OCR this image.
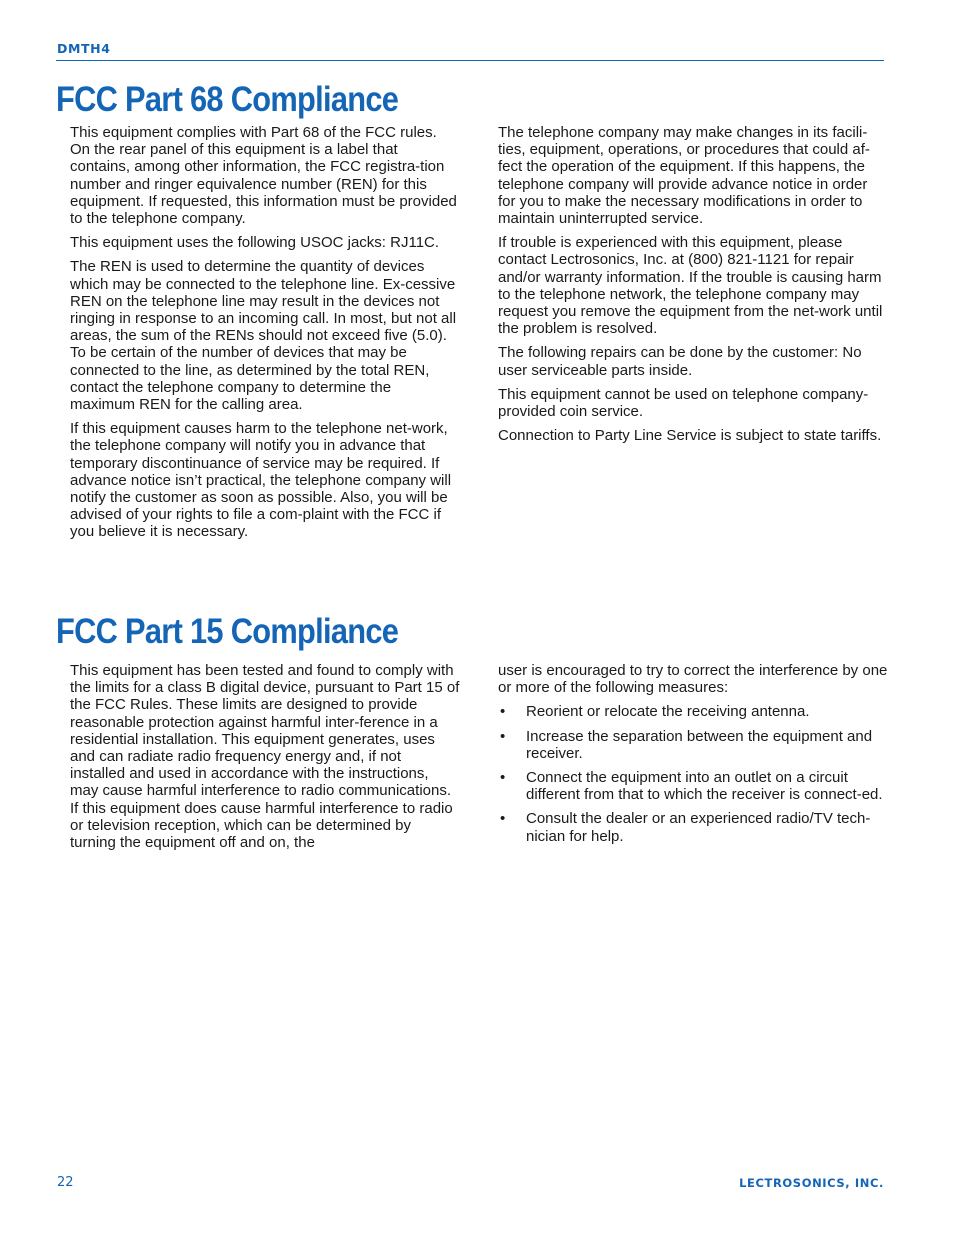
DMTH4
FCC Part 68 Compliance

This equipment complies with Part 68 of the FCC rules. On the rear panel of this equipment is a label that contains, among other information, the FCC registra-tion number and ringer equivalence number (REN) for this equipment. If requested, this information must be provided to the telephone company.

This equipment uses the following USOC jacks: RJ11C.

The REN is used to determine the quantity of devices which may be connected to the telephone line. Ex-cessive REN on the telephone line may result in the devices not ringing in response to an incoming call. In most, but not all areas, the sum of the RENs should not exceed five (5.0). To be certain of the number of devices that may be connected to the line, as determined by the total REN, contact the telephone company to determine the maximum REN for the calling area.

If this equipment causes harm to the telephone net-work, the telephone company will notify you in advance that temporary discontinuance of service may be required. If advance notice isn’t practical, the telephone company will notify the customer as soon as possible. Also, you will be advised of your rights to file a com-plaint with the FCC if you believe it is necessary.

The telephone company may make changes in its facili-ties, equipment, operations, or procedures that could af-fect the operation of the equipment. If this happens, the telephone company will provide advance notice in order for you to make the necessary modifications in order to maintain uninterrupted service.

If trouble is experienced with this equipment, please contact Lectrosonics, Inc. at (800) 821-1121 for repair and/or warranty information. If the trouble is causing harm to the telephone network, the telephone company may request you remove the equipment from the net-work until the problem is resolved.

The following repairs can be done by the customer: No user serviceable parts inside.

This equipment cannot be used on telephone company-provided coin service.

Connection to Party Line Service is subject to state tariffs.

FCC Part 15 Compliance

This equipment has been tested and found to comply with the limits for a class B digital device, pursuant to Part 15 of the FCC Rules. These limits are designed to provide reasonable protection against harmful inter-ference in a residential installation. This equipment generates, uses and can radiate radio frequency energy and, if not installed and used in accordance with the instructions, may cause harmful interference to radio communications. If this equipment does cause harmful interference to radio or television reception, which can be determined by turning the equipment off and on, the

user is encouraged to try to correct the interference by one or more of the following measures:

• Reorient or relocate the receiving antenna.
• Increase the separation between the equipment and receiver.
• Connect the equipment into an outlet on a circuit different from that to which the receiver is connect-ed.
• Consult the dealer or an experienced radio/TV tech-nician for help.
22	LECTROSONICS, INC.
